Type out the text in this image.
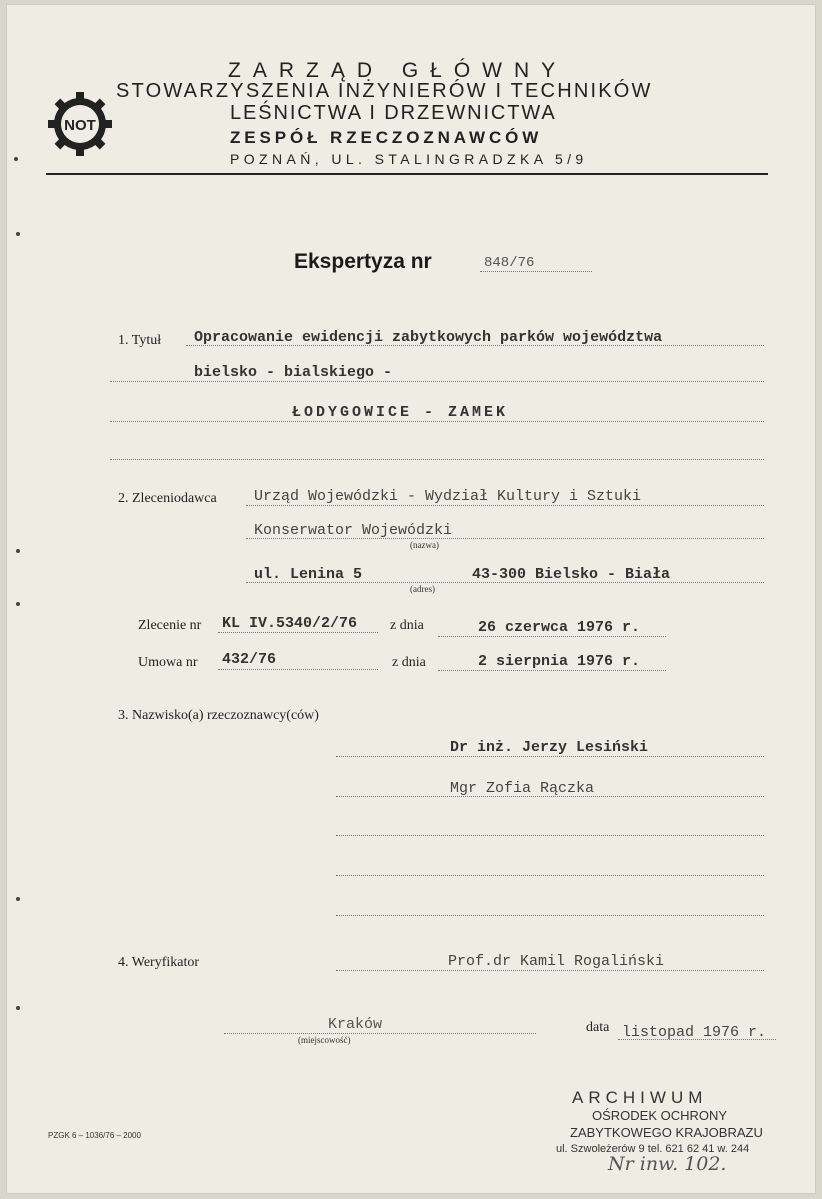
NOT
ZARZĄD GŁÓWNY
STOWARZYSZENIA INŻYNIERÓW I TECHNIKÓW
LEŚNICTWA I DRZEWNICTWA
ZESPÓŁ RZECZOZNAWCÓW
POZNAŃ, UL. STALINGRADZKA 5/9
Ekspertyza nr	848/76
1. Tytuł Opracowanie ewidencji zabytkowych parków województwa
bielsko - bialskiego -
ŁODYGOWICE - ZAMEK
2. Zleceniodawca Urząd Wojewódzki - Wydział Kultury i Sztuki
Konserwator Wojewódzki
(nazwa)
ul. Lenina 5	43-300 Bielsko - Biała
(adres)
Zlecenie nr KL IV.5340/2/76 z dnia	26 czerwca 1976 r.
Umowa nr 432/76	z dnia	2 sierpnia 1976 r.
3. Nazwisko(a) rzeczoznawcy(ców)
Dr inż. Jerzy Lesiński
Mgr Zofia Rączka
4. Weryfikator	Prof.dr Kamil Rogaliński
Kraków
(miejscowość)
data listopad 1976 r.
PZGK 6 – 1036/76 – 2000
ARCHIWUM
OŚRODEK OCHRONY
ZABYTKOWEGO KRAJOBRAZU
ul. Szwoleżerów 9 tel. 621 62 41 w. 244
Nr inw. 102.
